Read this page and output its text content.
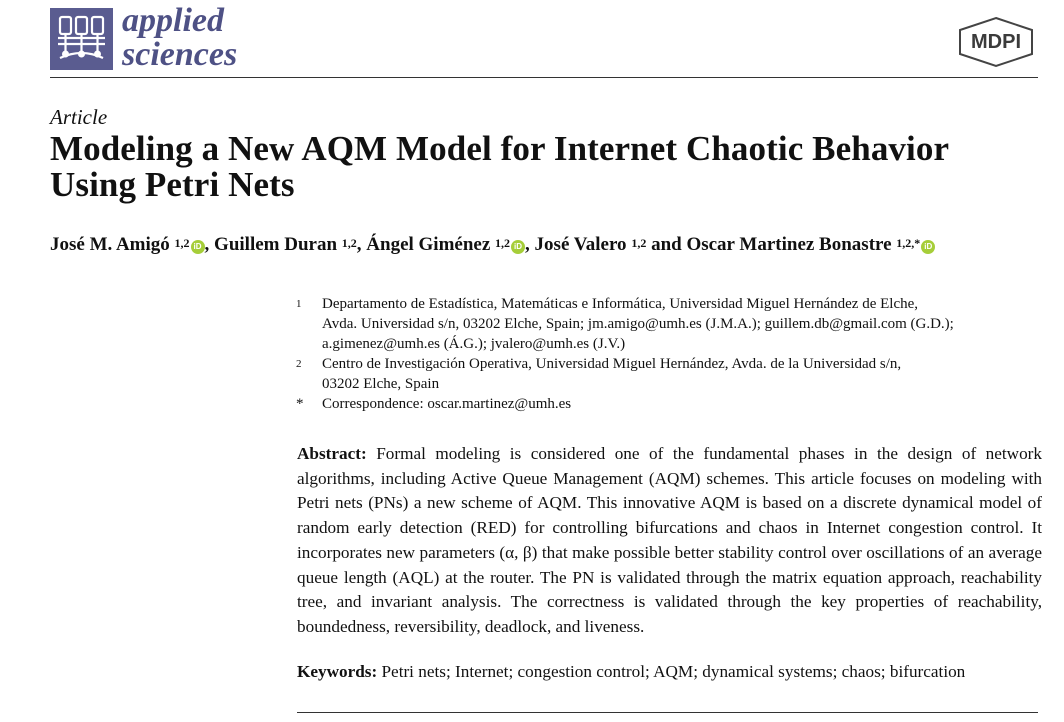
applied
sciences	MDPI
Article
Modeling a New AQM Model for Internet Chaotic Behavior
Using Petri Nets
José M. Amigó $^{1,2}$ iD , Guillem Duran $^{1,2}$, Ángel Giménez $^{1,2}$ iD , José Valero $^{1,2}$ and Oscar Martinez Bonastre $^{1,2,*}$ iD
1	Departamento de Estadística, Matemáticas e Informática, Universidad Miguel Hernández de Elche,
Avda. Universidad s/n, 03202 Elche, Spain; jm.amigo@umh.es (J.M.A.); guillem.db@gmail.com (G.D.);
a.gimenez@umh.es (Á.G.); jvalero@umh.es (J.V.)
2	Centro de Investigación Operativa, Universidad Miguel Hernández, Avda. de la Universidad s/n,
03202 Elche, Spain
*	Correspondence: oscar.martinez@umh.es

Abstract: Formal modeling is considered one of the fundamental phases in the design of network algorithms, including Active Queue Management (AQM) schemes. This article focuses on modeling with Petri nets (PNs) a new scheme of AQM. This innovative AQM is based on a discrete dynamical model of random early detection (RED) for controlling bifurcations and chaos in Internet congestion control. It incorporates new parameters (α, β) that make possible better stability control over oscillations of an average queue length (AQL) at the router. The PN is validated through the matrix equation approach, reachability tree, and invariant analysis. The correctness is validated through the key properties of reachability, boundedness, reversibility, deadlock, and liveness.

Keywords: Petri nets; Internet; congestion control; AQM; dynamical systems; chaos; bifurcation
